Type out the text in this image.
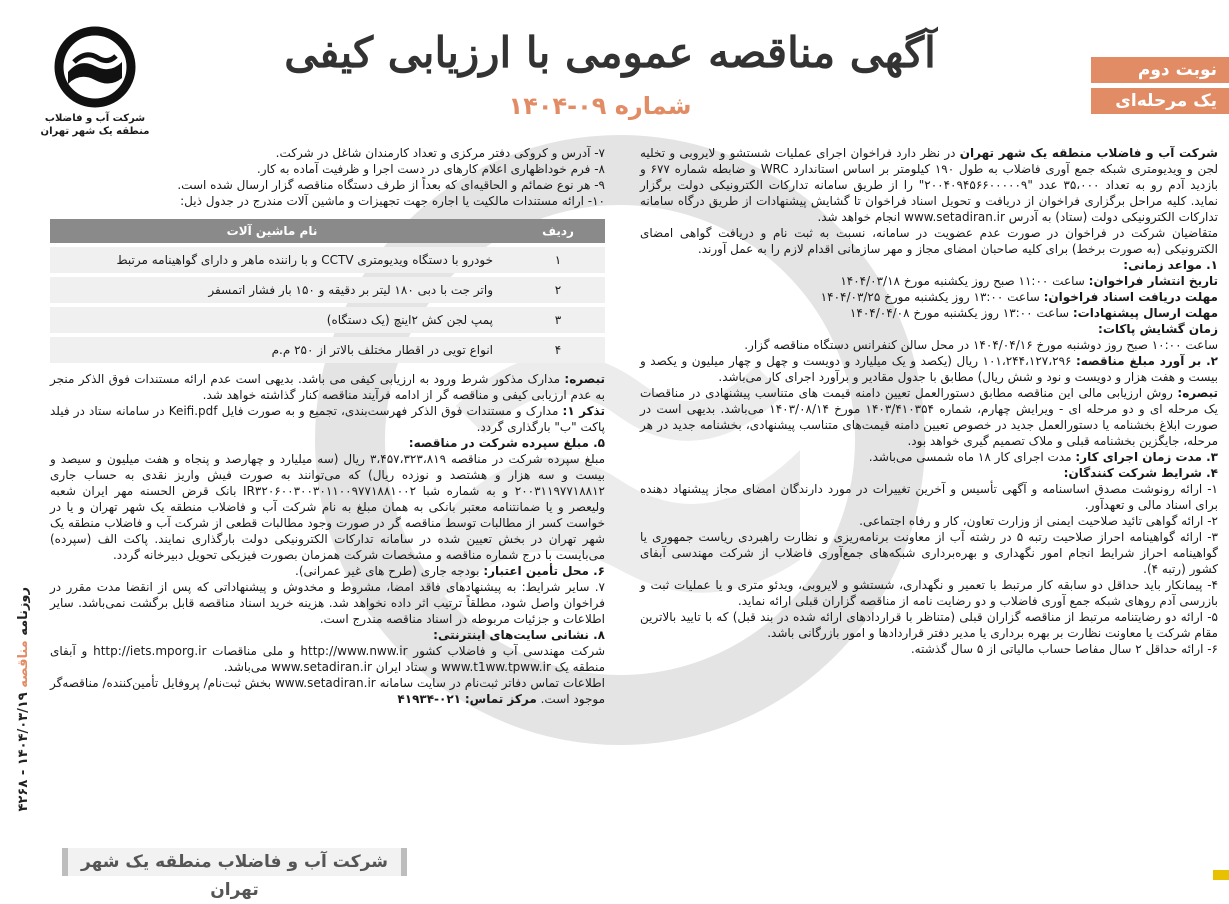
نوبت دوم
یک مرحله‌ای
آگهی مناقصه عمومی با ارزیابی کیفی
شماره ۰۹-۱۴۰۴
شرکت آب و فاضلاب
منطقه یک شهر تهران

شرکت آب و فاضلاب منطقه یک شهر تهران در نظر دارد فراخوان اجرای عملیات شستشو و لایروبی و تخلیه لجن و ویدیومتری شبکه جمع آوری فاضلاب به طول ۱۹۰ کیلومتر بر اساس استاندارد WRC و ضابطه شماره ۶۷۷ و بازدید آدم رو به تعداد ۳۵،۰۰۰ عدد "۲۰۰۴۰۹۴۵۶۶۰۰۰۰۰۹" را از طریق سامانه تدارکات الکترونیکی دولت برگزار نماید. کلیه مراحل برگزاری فراخوان از دریافت و تحویل اسناد فراخوان تا گشایش پیشنهادات از طریق درگاه سامانه تدارکات الکترونیکی دولت (ستاد) به آدرس www.setadiran.ir انجام خواهد شد.

متقاضیان شرکت در فراخوان در صورت عدم عضویت در سامانه، نسبت به ثبت نام و دریافت گواهی امضای الکترونیکی (به صورت برخط) برای کلیه صاحبان امضای مجاز و مهر سازمانی اقدام لازم را به عمل آورند.

۱. مواعد زمانی:

تاریخ انتشار فراخوان: ساعت ۱۱:۰۰ صبح روز یکشنبه مورخ ۱۴۰۴/۰۳/۱۸

مهلت دریافت اسناد فراخوان: ساعت ۱۳:۰۰ روز یکشنبه مورخ ۱۴۰۴/۰۳/۲۵

مهلت ارسال پیشنهادات: ساعت ۱۳:۰۰ روز یکشنبه مورخ ۱۴۰۴/۰۴/۰۸

زمان گشایش پاکات:

ساعت ۱۰:۰۰ صبح روز دوشنبه مورخ ۱۴۰۴/۰۴/۱۶ در محل سالن کنفرانس دستگاه مناقصه گزار.

۲. بر آورد مبلغ مناقصه: ۱۰۱،۲۴۴،۱۲۷،۲۹۶ ریال (یکصد و یک میلیارد و دویست و چهل و چهار میلیون و یکصد و بیست و هفت هزار و دویست و نود و شش ریال) مطابق با جدول مقادیر و برآورد اجرای کار می‌باشد.

تبصره: روش ارزیابی مالی این مناقصه مطابق دستورالعمل تعیین دامنه قیمت های متناسب پیشنهادی در مناقصات یک مرحله ای و دو مرحله ای - ویرایش چهارم، شماره ۱۴۰۳/۴۱۰۳۵۴ مورخ ۱۴۰۳/۰۸/۱۴ می‌باشد. بدیهی است در صورت ابلاغ بخشنامه یا دستورالعمل جدید در خصوص تعیین دامنه قیمت‌های متناسب پیشنهادی، بخشنامه جدید در هر مرحله، جایگزین بخشنامه قبلی و ملاک تصمیم گیری خواهد بود.

۳. مدت زمان اجرای کار: مدت اجرای کار ۱۸ ماه شمسی می‌باشد.

۴. شرایط شرکت کنندگان:

۱- ارائه رونوشت مصدق اساسنامه و آگهی تأسیس و آخرین تغییرات در مورد دارندگان امضای مجاز پیشنهاد دهنده برای اسناد مالی و تعهدآور.

۲- ارائه گواهی تائید صلاحیت ایمنی از وزارت تعاون، کار و رفاه اجتماعی.

۳- ارائه گواهینامه احراز صلاحیت رتبه ۵ در رشته آب از معاونت برنامه‌ریزی و نظارت راهبردی ریاست جمهوری یا گواهینامه احراز شرایط انجام امور نگهداری و بهره‌برداری شبکه‌های جمع‌آوری فاضلاب از شرکت مهندسی آبفای کشور (رتبه ۴).

۴- پیمانکار باید حداقل دو سابقه کار مرتبط با تعمیر و نگهداری، شستشو و لایروبی، ویدئو متری و یا عملیات ثبت و بازرسی آدم روهای شبکه جمع آوری فاضلاب و دو رضایت نامه از مناقصه گزاران قبلی ارائه نماید.

۵- ارائه دو رضایتنامه مرتبط از مناقصه گزاران قبلی (متناظر با قراردادهای ارائه شده در بند قبل) که با تایید بالاترین مقام شرکت یا معاونت نظارت بر بهره برداری یا مدیر دفتر قراردادها و امور بازرگانی باشد.

۶- ارائه حداقل ۲ سال مفاصا حساب مالیاتی از ۵ سال گذشته.

۷- آدرس و کروکی دفتر مرکزی و تعداد کارمندان شاغل در شرکت.

۸- فرم خوداظهاری اعلام کارهای در دست اجرا و ظرفیت آماده به کار.

۹- هر نوع ضمائم و الحاقیه‌ای که بعداً از طرف دستگاه مناقصه گزار ارسال شده است.

۱۰- ارائه مستندات مالکیت یا اجاره جهت تجهیزات و ماشین آلات مندرج در جدول ذیل:

ردیف	نام ماشین آلات
۱	خودرو با دستگاه ویدیومتری CCTV و با راننده ماهر و دارای گواهینامه مرتبط
۲	واتر جت با دبی ۱۸۰ لیتر بر دقیقه و ۱۵۰ بار فشار اتمسفر
۳	پمپ لجن کش ۲اینچ (یک دستگاه)
۴	انواع تویی در اقطار مختلف بالاتر از ۲۵۰ م.م

تبصره: مدارک مذکور شرط ورود به ارزیابی کیفی می باشد. بدیهی است عدم ارائه مستندات فوق الذکر منجر به عدم ارزیابی کیفی و مناقصه گر از ادامه فرآیند مناقصه کنار گذاشته خواهد شد.

تذکر ۱: مدارک و مستندات فوق الذکر فهرست‌بندی، تجمیع و به صورت فایل Keifi.pdf در سامانه ستاد در فیلد پاکت "ب" بارگذاری گردد.

۵. مبلغ سپرده شرکت در مناقصه:

مبلغ سپرده شرکت در مناقصه ۳،۴۵۷،۳۲۳،۸۱۹ ریال (سه میلیارد و چهارصد و پنجاه و هفت میلیون و سیصد و بیست و سه هزار و هشتصد و نوزده ریال) که می‌توانند به صورت فیش واریز نقدی به حساب جاری ۲۰۰۳۱۱۹۷۷۱۸۸۱۲ و به شماره شبا IR۳۲۰۶۰۰۳۰۰۳۰۱۱۰۰۹۷۷۱۸۸۱۰۰۲ بانک قرض الحسنه مهر ایران شعبه ولیعصر و یا ضمانتنامه معتبر بانکی به همان مبلغ به نام شرکت آب و فاضلاب منطقه یک شهر تهران و یا در خواست کسر از مطالبات توسط مناقصه گر در صورت وجود مطالبات قطعی از شرکت آب و فاضلاب منطقه یک شهر تهران در بخش تعیین شده در سامانه تدارکات الکترونیکی دولت بارگذاری نمایند. پاکت الف (سپرده) می‌بایست با درج شماره مناقصه و مشخصات شرکت همزمان بصورت فیزیکی تحویل دبیرخانه گردد.

۶. محل تأمین اعتبار: بودجه جاری (طرح های غیر عمرانی).

۷. سایر شرایط: به پیشنهادهای فاقد امضا، مشروط و مخدوش و پیشنهاداتی که پس از انقضا مدت مقرر در فراخوان واصل شود، مطلقاً ترتیب اثر داده نخواهد شد. هزینه خرید اسناد مناقصه قابل برگشت نمی‌باشد. سایر اطلاعات و جزئیات مربوطه در اسناد مناقصه مندرج است.

۸. نشانی سایت‌های اینترنتی:

شرکت مهندسی آب و فاضلاب کشور http://www.nww.ir و ملی مناقصات http://iets.mporg.ir و آبفای منطقه یک www.t1ww.tpww.ir و ستاد ایران www.setadiran.ir می‌باشد.

اطلاعات تماس دفاتر ثبت‌نام در سایت سامانه www.setadiran.ir بخش ثبت‌نام/ پروفایل تأمین‌کننده/ مناقصه‌گر موجود است. مرکز تماس: ۰۲۱-۴۱۹۳۴

شرکت آب و فاضلاب منطقه یک شهر تهران
روزنامه مناقصه ۱۴۰۴/۰۳/۱۹ - ۴۲۶۸
